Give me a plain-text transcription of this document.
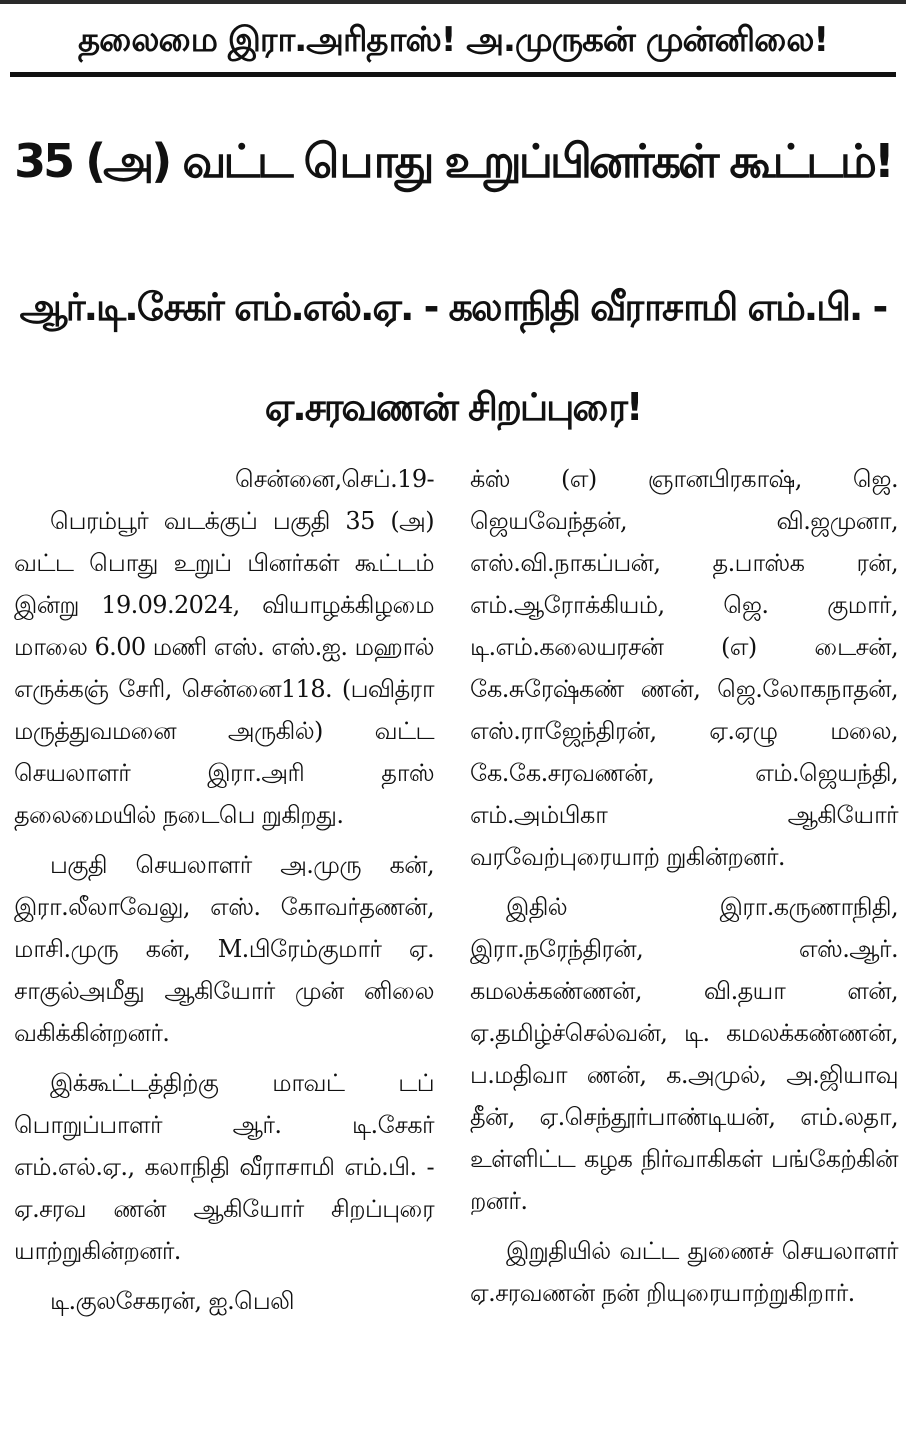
தலைமை இரா.அரிதாஸ்! அ.முருகன் முன்னிலை!
35 (அ) வட்ட பொது உறுப்பினர்கள் கூட்டம்!
ஆர்.டி.சேகர் எம்.எல்.ஏ. - கலாநிதி வீராசாமி எம்.பி. -
ஏ.சரவணன் சிறப்புரை!

சென்னை,செப்.19-

பெரம்பூர் வடக்குப் பகுதி 35 (அ) வட்ட பொது உறுப் பினர்கள் கூட்டம் இன்று 19.09.2024, வியாழக்கிழமை மாலை 6.00 மணி எஸ். எஸ்.ஐ. மஹால் எருக்கஞ் சேரி, சென்னை118. (பவித்ரா மருத்துவமனை அருகில்) வட்ட செயலாளர் இரா.அரி தாஸ் தலைமையில் நடைபெ றுகிறது.

பகுதி செயலாளர் அ.முரு கன், இரா.லீலாவேலு, எஸ். கோவர்தணன், மாசி.முரு கன், M.பிரேம்குமார் ஏ. சாகுல்அமீது ஆகியோர் முன் னிலை வகிக்கின்றனர்.

இக்கூட்டத்திற்கு மாவட் டப் பொறுப்பாளர் ஆர். டி.சேகர் எம்.எல்.ஏ., கலாநிதி வீராசாமி எம்.பி. - ஏ.சரவ ணன் ஆகியோர் சிறப்புரை யாற்றுகின்றனர்.

டி.குலசேகரன், ஐ.பெலி

க்ஸ் (எ) ஞானபிரகாஷ், ஜெ. ஜெயவேந்தன், வி.ஜமுனா, எஸ்.வி.நாகப்பன், த.பாஸ்க ரன், எம்.ஆரோக்கியம், ஜெ. குமார், டி.எம்.கலையரசன் (எ) டைசன், கே.சுரேஷ்கண் ணன், ஜெ.லோகநாதன், எஸ்.ராஜேந்திரன், ஏ.ஏழு மலை, கே.கே.சரவணன், எம்.ஜெயந்தி, எம்.அம்பிகா ஆகியோர் வரவேற்புரையாற் றுகின்றனர்.

இதில் இரா.கருணாநிதி, இரா.நரேந்திரன், எஸ்.ஆர். கமலக்கண்ணன், வி.தயா ளன், ஏ.தமிழ்ச்செல்வன், டி. கமலக்கண்ணன், ப.மதிவா ணன், க.அமுல், அ.ஜியாவு தீன், ஏ.செந்தூர்பாண்டியன், எம்.லதா, உள்ளிட்ட கழக நிர்வாகிகள் பங்கேற்கின் றனர்.

இறுதியில் வட்ட துணைச் செயலாளர் ஏ.சரவணன் நன் றியுரையாற்றுகிறார்.
